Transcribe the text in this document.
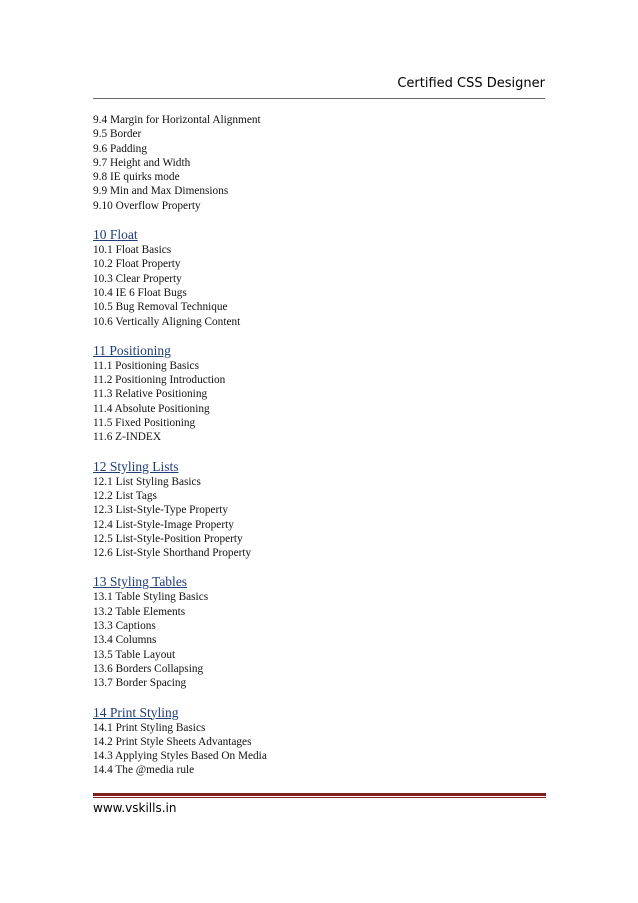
Certified CSS Designer

9.4 Margin for Horizontal Alignment

9.5 Border

9.6 Padding

9.7 Height and Width

9.8 IE quirks mode

9.9 Min and Max Dimensions

9.10 Overflow Property

10 Float

10.1 Float Basics

10.2 Float Property

10.3 Clear Property

10.4 IE 6 Float Bugs

10.5 Bug Removal Technique

10.6 Vertically Aligning Content

11 Positioning

11.1 Positioning Basics

11.2 Positioning Introduction

11.3 Relative Positioning

11.4 Absolute Positioning

11.5 Fixed Positioning

11.6 Z-INDEX

12 Styling Lists

12.1 List Styling Basics

12.2 List Tags

12.3 List-Style-Type Property

12.4 List-Style-Image Property

12.5 List-Style-Position Property

12.6 List-Style Shorthand Property

13 Styling Tables

13.1 Table Styling Basics

13.2 Table Elements

13.3 Captions

13.4 Columns

13.5 Table Layout

13.6 Borders Collapsing

13.7 Border Spacing

14 Print Styling

14.1 Print Styling Basics

14.2 Print Style Sheets Advantages

14.3 Applying Styles Based On Media

14.4 The @media rule

www.vskills.in
